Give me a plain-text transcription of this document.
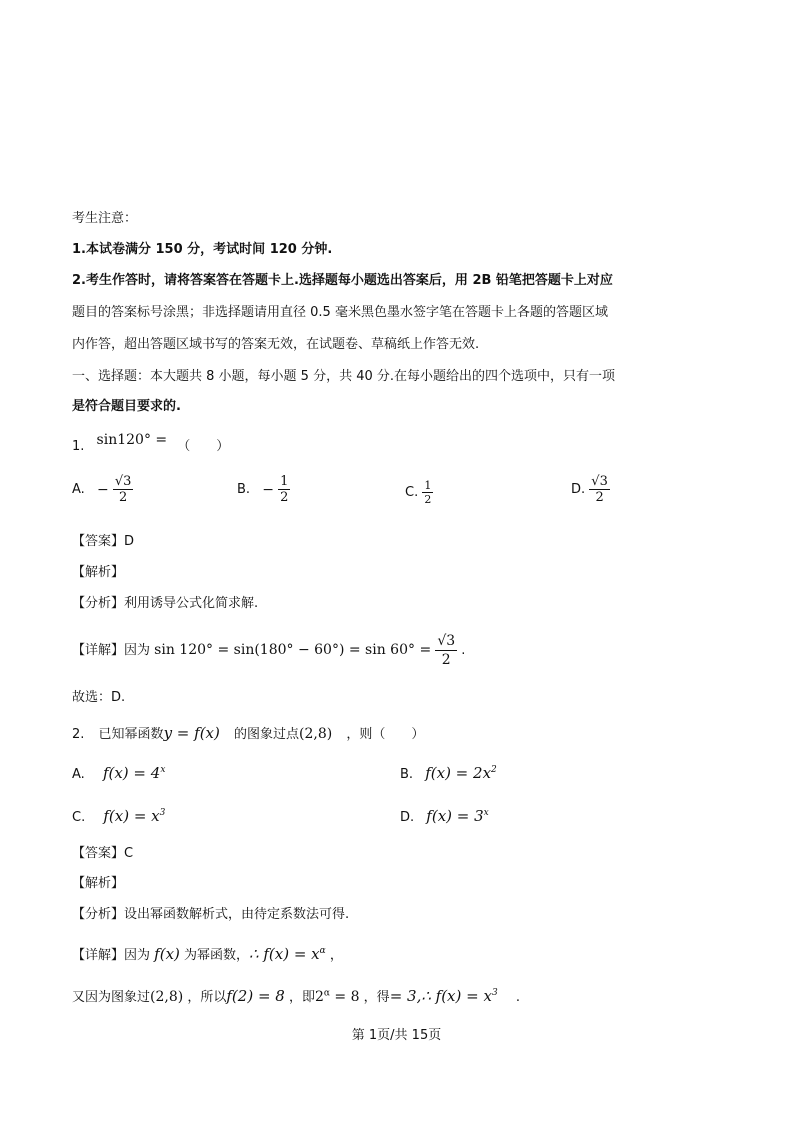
考生注意：
1.本试卷满分 150 分，考试时间 120 分钟.
2.考生作答时，请将答案答在答题卡上.选择题每小题选出答案后，用 2B 铅笔把答题卡上对应
题目的答案标号涂黑；非选择题请用直径 0.5 毫米黑色墨水签字笔在答题卡上各题的答题区域
内作答，超出答题区域书写的答案无效，在试题卷、草稿纸上作答无效.
一、选择题：本大题共 8 小题，每小题 5 分，共 40 分.在每小题给出的四个选项中，只有一项
是符合题目要求的.
1. sin120° = （　　）
A. − $\frac{√3}{2}$	B. − $\frac{1}{2}$	C. $\frac{1}{2}$	D. $\frac{√3}{2}$
【答案】D
【解析】
【分析】利用诱导公式化简求解.
【详解】因为 $\sin 120^\circ = \sin(180^\circ - 60^\circ) = \sin 60^\circ = \frac{√3}{2}$ .
故选：D.
2. 已知幂函数y = f(x) 的图象过点(2,8) ，则（　　）
A. $f(x) = 4^x$	B. $f(x) = 2x^2$
C. $f(x) = x^3$	D. $f(x) = 3^x$
【答案】C
【解析】
【分析】设出幂函数解析式，由待定系数法可得.
【详解】因为 f(x) 为幂函数，∴ $f(x) = x^\alpha$ ，
又因为图象过(2,8) ，所以f(2) = 8 ，即$2^\alpha = 8$ ，得= 3,∴ $f(x) = x^3$ .
第 1页/共 15页
